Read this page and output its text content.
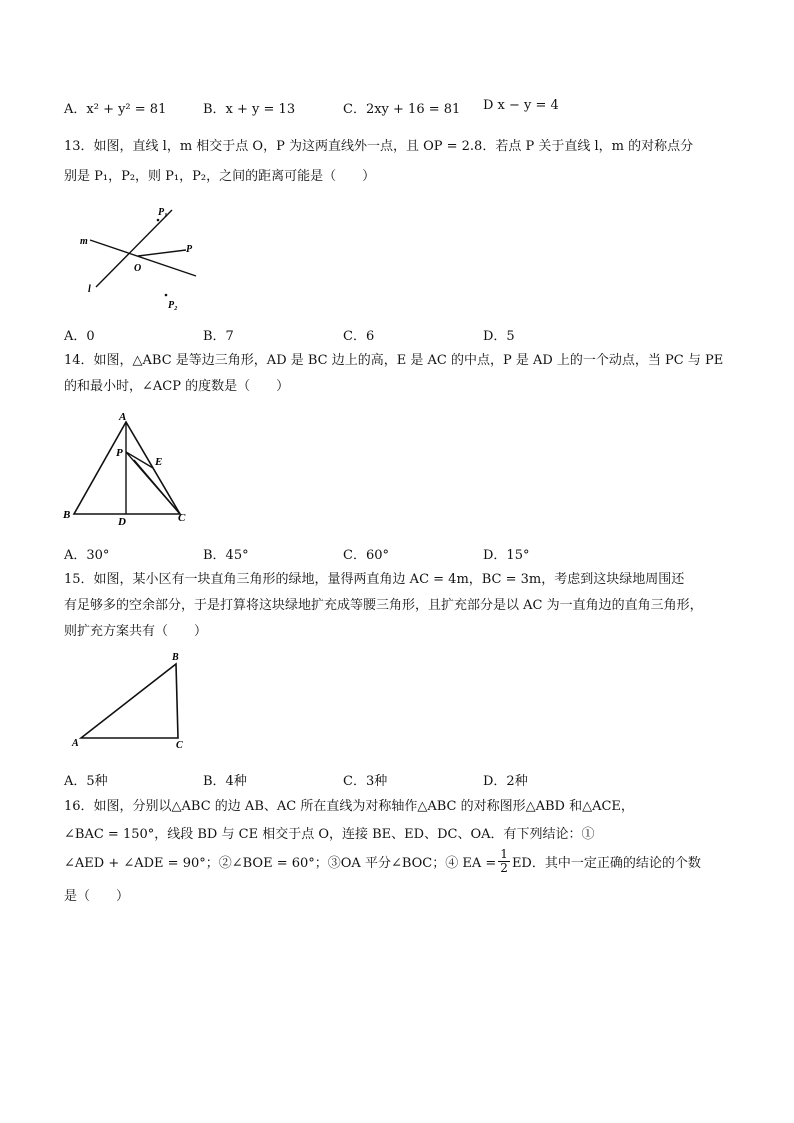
A．x² + y² = 81	B．x + y = 13	C．2xy + 16 = 81 D x − y = 4
13．如图，直线 l，m 相交于点 O，P 为这两直线外一点，且 OP = 2.8．若点 P 关于直线 l，m 的对称点分
别是 P₁，P₂，则 P₁，P₂，之间的距离可能是（　　）
P₁
P
O
m
l
P₂
A．0	B．7	C．6	D．5
14．如图，△ABC 是等边三角形，AD 是 BC 边上的高，E 是 AC 的中点，P 是 AD 上的一个动点，当 PC 与 PE
的和最小时，∠ACP 的度数是（　　）
A
P
E
B
D	C
A．30°	B．45°	C．60°	D．15°
15．如图，某小区有一块直角三角形的绿地，量得两直角边 AC = 4m，BC = 3m，考虑到这块绿地周围还
有足够多的空余部分，于是打算将这块绿地扩充成等腰三角形，且扩充部分是以 AC 为一直角边的直角三角形，
则扩充方案共有（　　）
B
A	C
A．5种	B．4种	C．3种	D．2种
16．如图，分别以△ABC 的边 AB、AC 所在直线为对称轴作△ABC 的对称图形△ABD 和△ACE，
∠BAC = 150°，线段 BD 与 CE 相交于点 O，连接 BE、ED、DC、OA．有下列结论：①
∠AED + ∠ADE = 90°；②∠BOE = 60°；③OA 平分∠BOC；④ EA = $\frac{1}{2}$ ED．其中一定正确的结论的个数
是（　　）
